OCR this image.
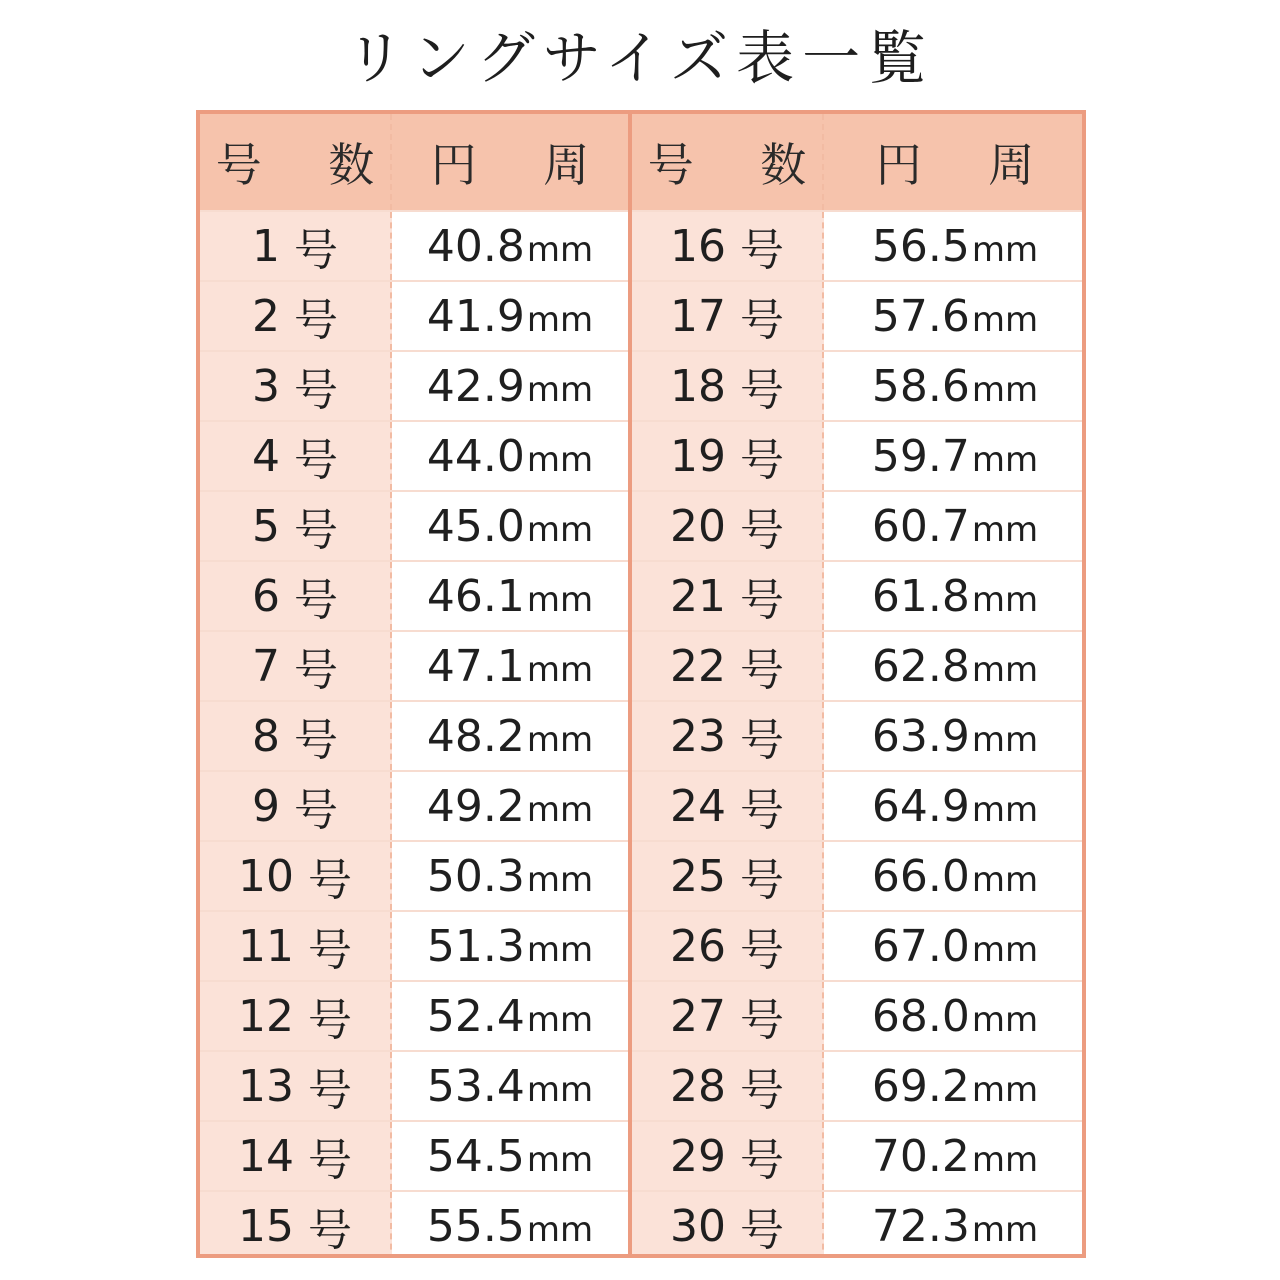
リングサイズ表一覧
号 数 円 周
1 号 40.8 mm
2 号 41.9 mm
3 号 42.9 mm
4 号 44.0 mm
5 号 45.0 mm
6 号 46.1 mm
7 号 47.1 mm
8 号 48.2 mm
9 号 49.2 mm
10 号 50.3 mm
11 号 51.3 mm
12 号 52.4 mm
13 号 53.4 mm
14 号 54.5 mm
15 号 55.5 mm
号 数 円 周
16 号 56.5 mm
17 号 57.6 mm
18 号 58.6 mm
19 号 59.7 mm
20 号 60.7 mm
21 号 61.8 mm
22 号 62.8 mm
23 号 63.9 mm
24 号 64.9 mm
25 号 66.0 mm
26 号 67.0 mm
27 号 68.0 mm
28 号 69.2 mm
29 号 70.2 mm
30 号 72.3 mm
